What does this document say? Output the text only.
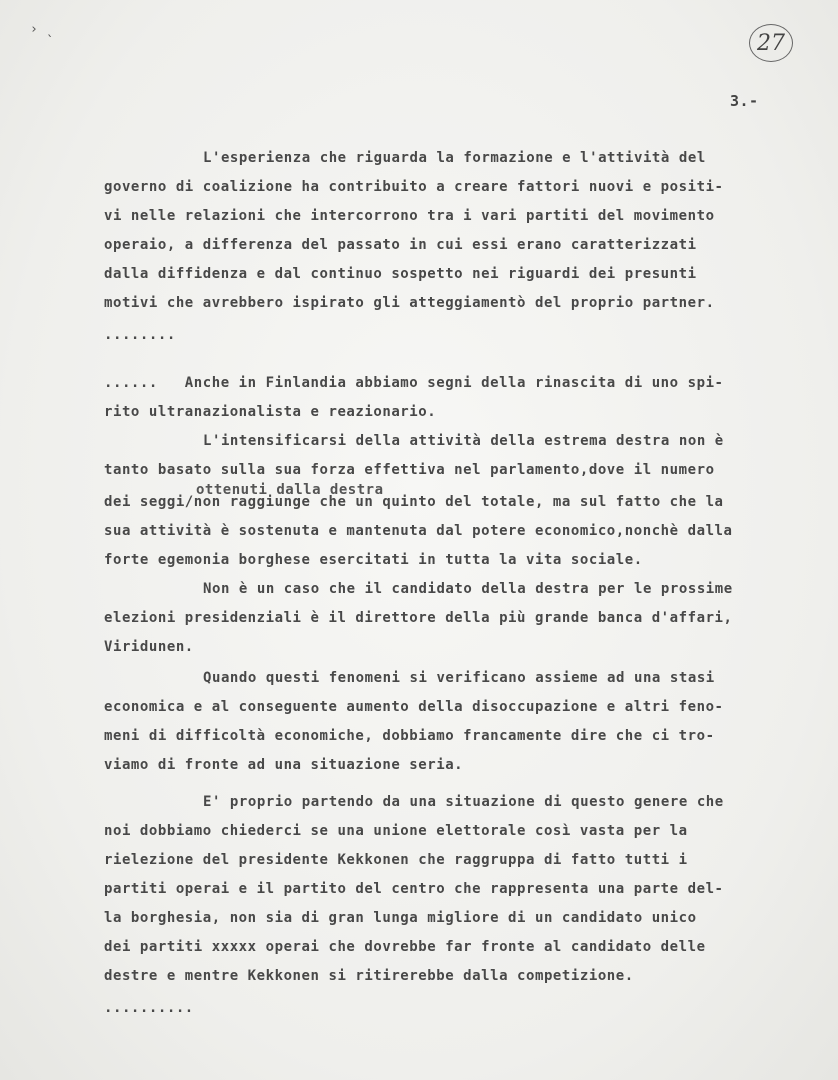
› ˎ
27
3.-
L'esperienza che riguarda la formazione e l'attività del
governo di coalizione ha contribuito a creare fattori nuovi e positi-
vi nelle relazioni che intercorrono tra i vari partiti del movimento
operaio, a differenza del passato in cui essi erano caratterizzati
dalla diffidenza e dal continuo sospetto nei riguardi dei presunti
motivi che avrebbero ispirato gli atteggiamentò del proprio partner.
........
......   Anche in Finlandia abbiamo segni della rinascita di uno spi-
rito ultranazionalista e reazionario.
L'intensificarsi della attività della estrema destra non è
tanto basato sulla sua forza effettiva nel parlamento,dove il numero
ottenuti dalla destra
dei seggi/non raggiunge che un quinto del totale, ma sul fatto che la
sua attività è sostenuta e mantenuta dal potere economico,nonchè dalla
forte egemonia borghese esercitati in tutta la vita sociale.
Non è un caso che il candidato della destra per le prossime
elezioni presidenziali è il direttore della più grande banca d'affari,
Viridunen.
Quando questi fenomeni si verificano assieme ad una stasi
economica e al conseguente aumento della disoccupazione e altri feno-
meni di difficoltà economiche, dobbiamo francamente dire che ci tro-
viamo di fronte ad una situazione seria.
E' proprio partendo da una situazione di questo genere che
noi dobbiamo chiederci se una unione elettorale così vasta per la
rielezione del presidente Kekkonen che raggruppa di fatto tutti i
partiti operai e il partito del centro che rappresenta una parte del-
la borghesia, non sia di gran lunga migliore di un candidato unico
dei partiti xxxxx operai che dovrebbe far fronte al candidato delle
destre e mentre Kekkonen si ritirerebbe dalla competizione.
..........
